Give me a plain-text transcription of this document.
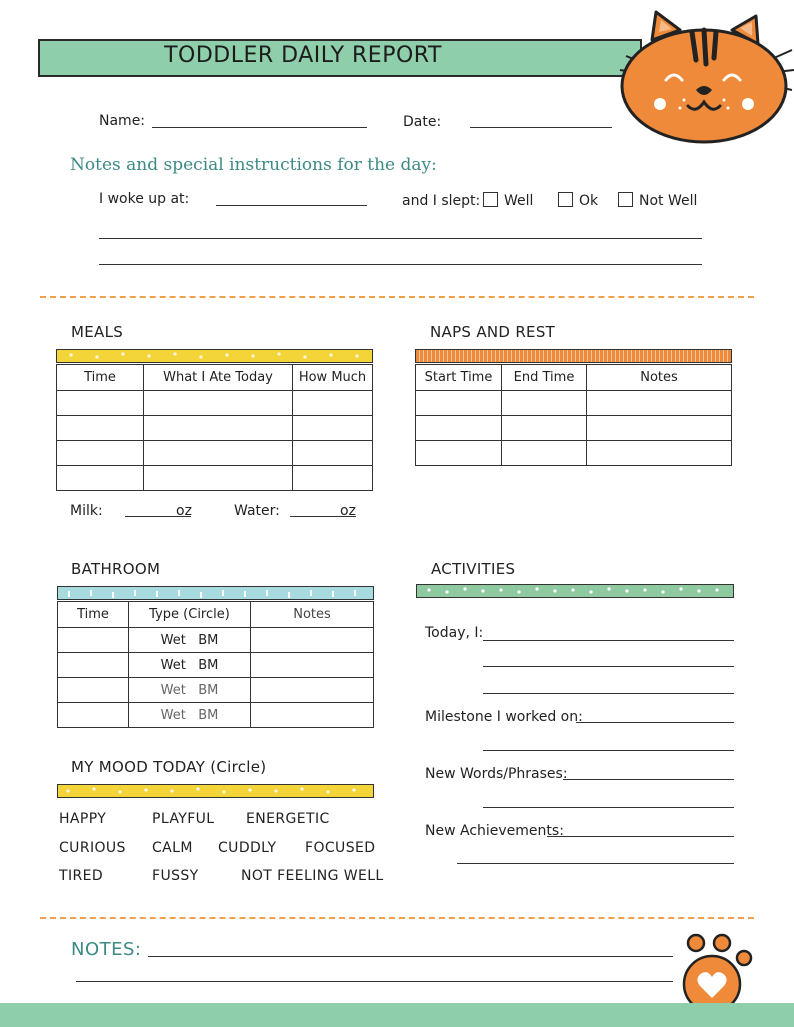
TODDLER DAILY REPORT
Name:	Date:
Notes and special instructions for the day:
I woke up at:	and I slept:	Well	Ok	Not Well
MEALS
Time	What I Ate Today	How Much

Milk:	oz	Water:	oz
NAPS AND REST
Start Time	End Time	Notes

BATHROOM
Time	Type (Circle)	Notes
	Wet   BM	
	Wet   BM	
	Wet   BM	
	Wet   BM	
MY MOOD TODAY (Circle)
HAPPY	PLAYFUL ENERGETIC
CURIOUS CALM CUDDLY FOCUSED
TIRED	FUSSY	NOT FEELING WELL
ACTIVITIES
Today, I:
Milestone I worked on:
New Words/Phrases:
New Achievements:
NOTES:
